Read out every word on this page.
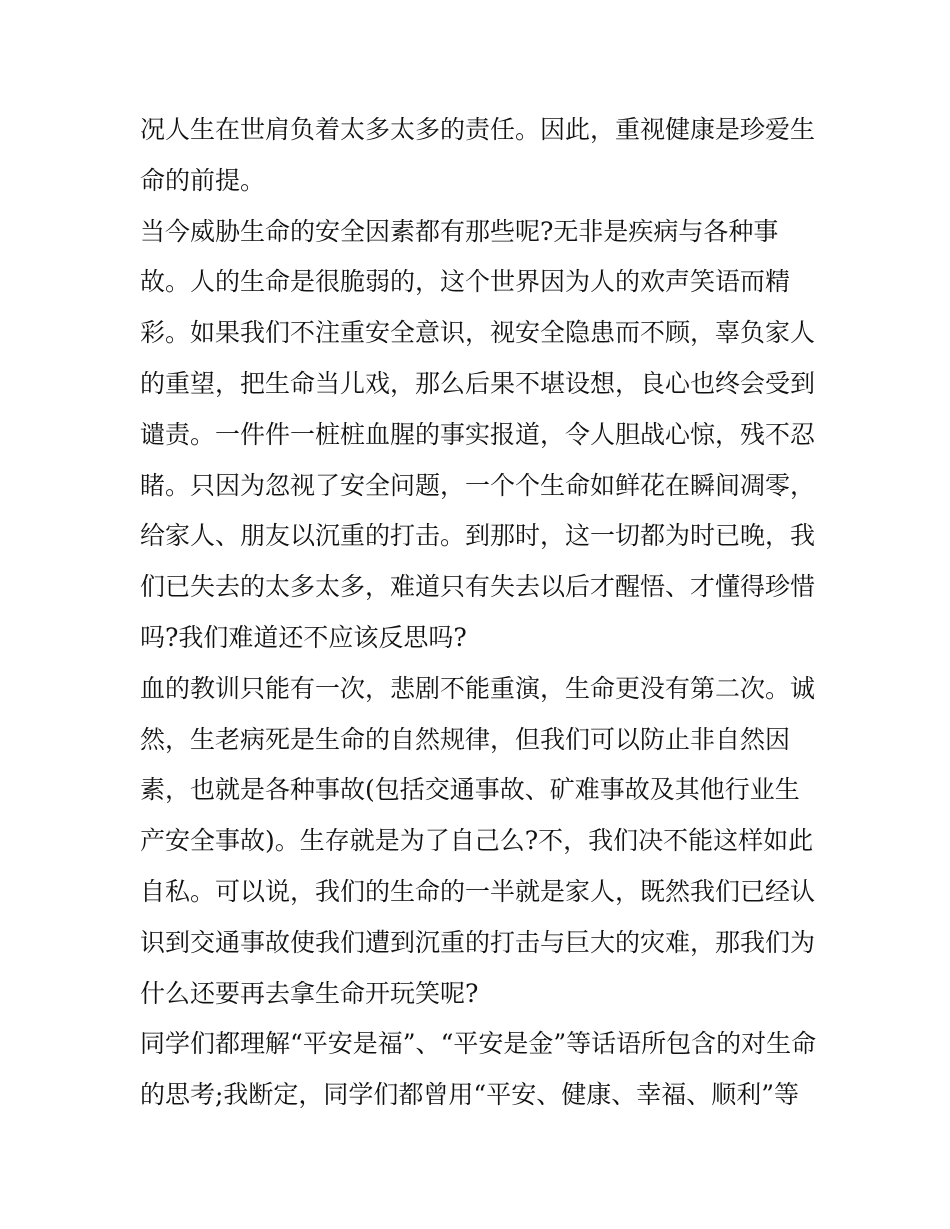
况人生在世肩负着太多太多的责任。因此，重视健康是珍爱生
命的前提。
当今威胁生命的安全因素都有那些呢?无非是疾病与各种事
故。人的生命是很脆弱的，这个世界因为人的欢声笑语而精
彩。如果我们不注重安全意识，视安全隐患而不顾，辜负家人
的重望，把生命当儿戏，那么后果不堪设想，良心也终会受到
谴责。一件件一桩桩血腥的事实报道，令人胆战心惊，残不忍
睹。只因为忽视了安全问题，一个个生命如鲜花在瞬间凋零，
给家人、朋友以沉重的打击。到那时，这一切都为时已晚，我
们已失去的太多太多，难道只有失去以后才醒悟、才懂得珍惜
吗?我们难道还不应该反思吗?
血的教训只能有一次，悲剧不能重演，生命更没有第二次。诚
然，生老病死是生命的自然规律，但我们可以防止非自然因
素，也就是各种事故(包括交通事故、矿难事故及其他行业生
产安全事故)。生存就是为了自己么?不，我们决不能这样如此
自私。可以说，我们的生命的一半就是家人，既然我们已经认
识到交通事故使我们遭到沉重的打击与巨大的灾难，那我们为
什么还要再去拿生命开玩笑呢?
同学们都理解“平安是福”、“平安是金”等话语所包含的对生命
的思考;我断定，同学们都曾用“平安、健康、幸福、顺利”等
